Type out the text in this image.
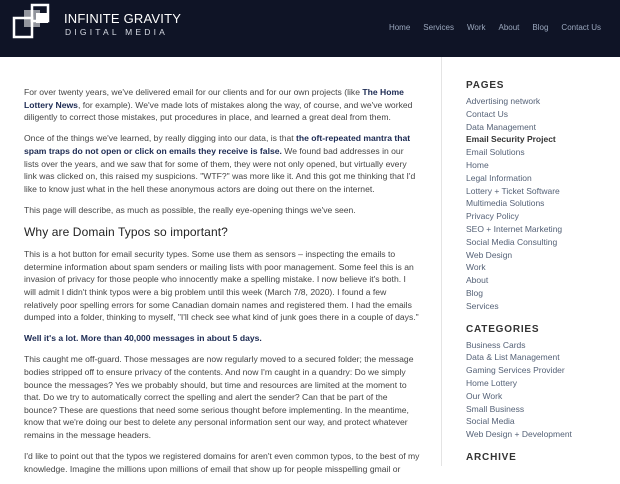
INFINITE GRAVITY
DIGITAL MEDIA	Home Services Work About Blog Contact Us

For over twenty years, we've delivered email for our clients and for our own projects (like The Home Lottery News, for example). We've made lots of mistakes along the way, of course, and we've worked diligently to correct those mistakes, put procedures in place, and learned a great deal from them.

Once of the things we've learned, by really digging into our data, is that the oft-repeated mantra that spam traps do not open or click on emails they receive is false. We found bad addresses in our lists over the years, and we saw that for some of them, they were not only opened, but virtually every link was clicked on, this raised my suspicions. "WTF?" was more like it. And this got me thinking that I'd like to know just what in the hell these anonymous actors are doing out there on the internet.

This page will describe, as much as possible, the really eye-opening things we've seen.

Why are Domain Typos so important?

This is a hot button for email security types. Some use them as sensors – inspecting the emails to determine information about spam senders or mailing lists with poor management. Some feel this is an invasion of privacy for those people who innocently make a spelling mistake. I now believe it's both. I will admit I didn't think typos were a big problem until this week (March 7/8, 2020). I found a few relatively poor spelling errors for some Canadian domain names and registered them. I had the emails dumped into a folder, thinking to myself, "I'll check see what kind of junk goes there in a couple of days."

Well it's a lot. More than 40,000 messages in about 5 days.

This caught me off-guard. Those messages are now regularly moved to a secured folder; the message bodies stripped off to ensure privacy of the contents. And now I'm caught in a quandry: Do we simply bounce the messages? Yes we probably should, but time and resources are limited at the moment to that. Do we try to automatically correct the spelling and alert the sender? Can that be part of the bounce? These are questions that need some serious thought before implementing. In the meantime, know that we're doing our best to delete any personal information sent our way, and protect whatever remains in the message headers.

I'd like to point out that the typos we registered domains for aren't even common typos, to the best of my knowledge. Imagine the millions upon millions of email that show up for people misspelling gmail or

PAGES
Advertising network
Contact Us
Data Management
Email Security Project
Email Solutions
Home
Legal Information
Lottery + Ticket Software
Multimedia Solutions
Privacy Policy
SEO + Internet Marketing
Social Media Consulting
Web Design
Work
About
Blog
Services
CATEGORIES
Business Cards
Data & List Management
Gaming Services Provider
Home Lottery
Our Work
Small Business
Social Media
Web Design + Development
ARCHIVE
